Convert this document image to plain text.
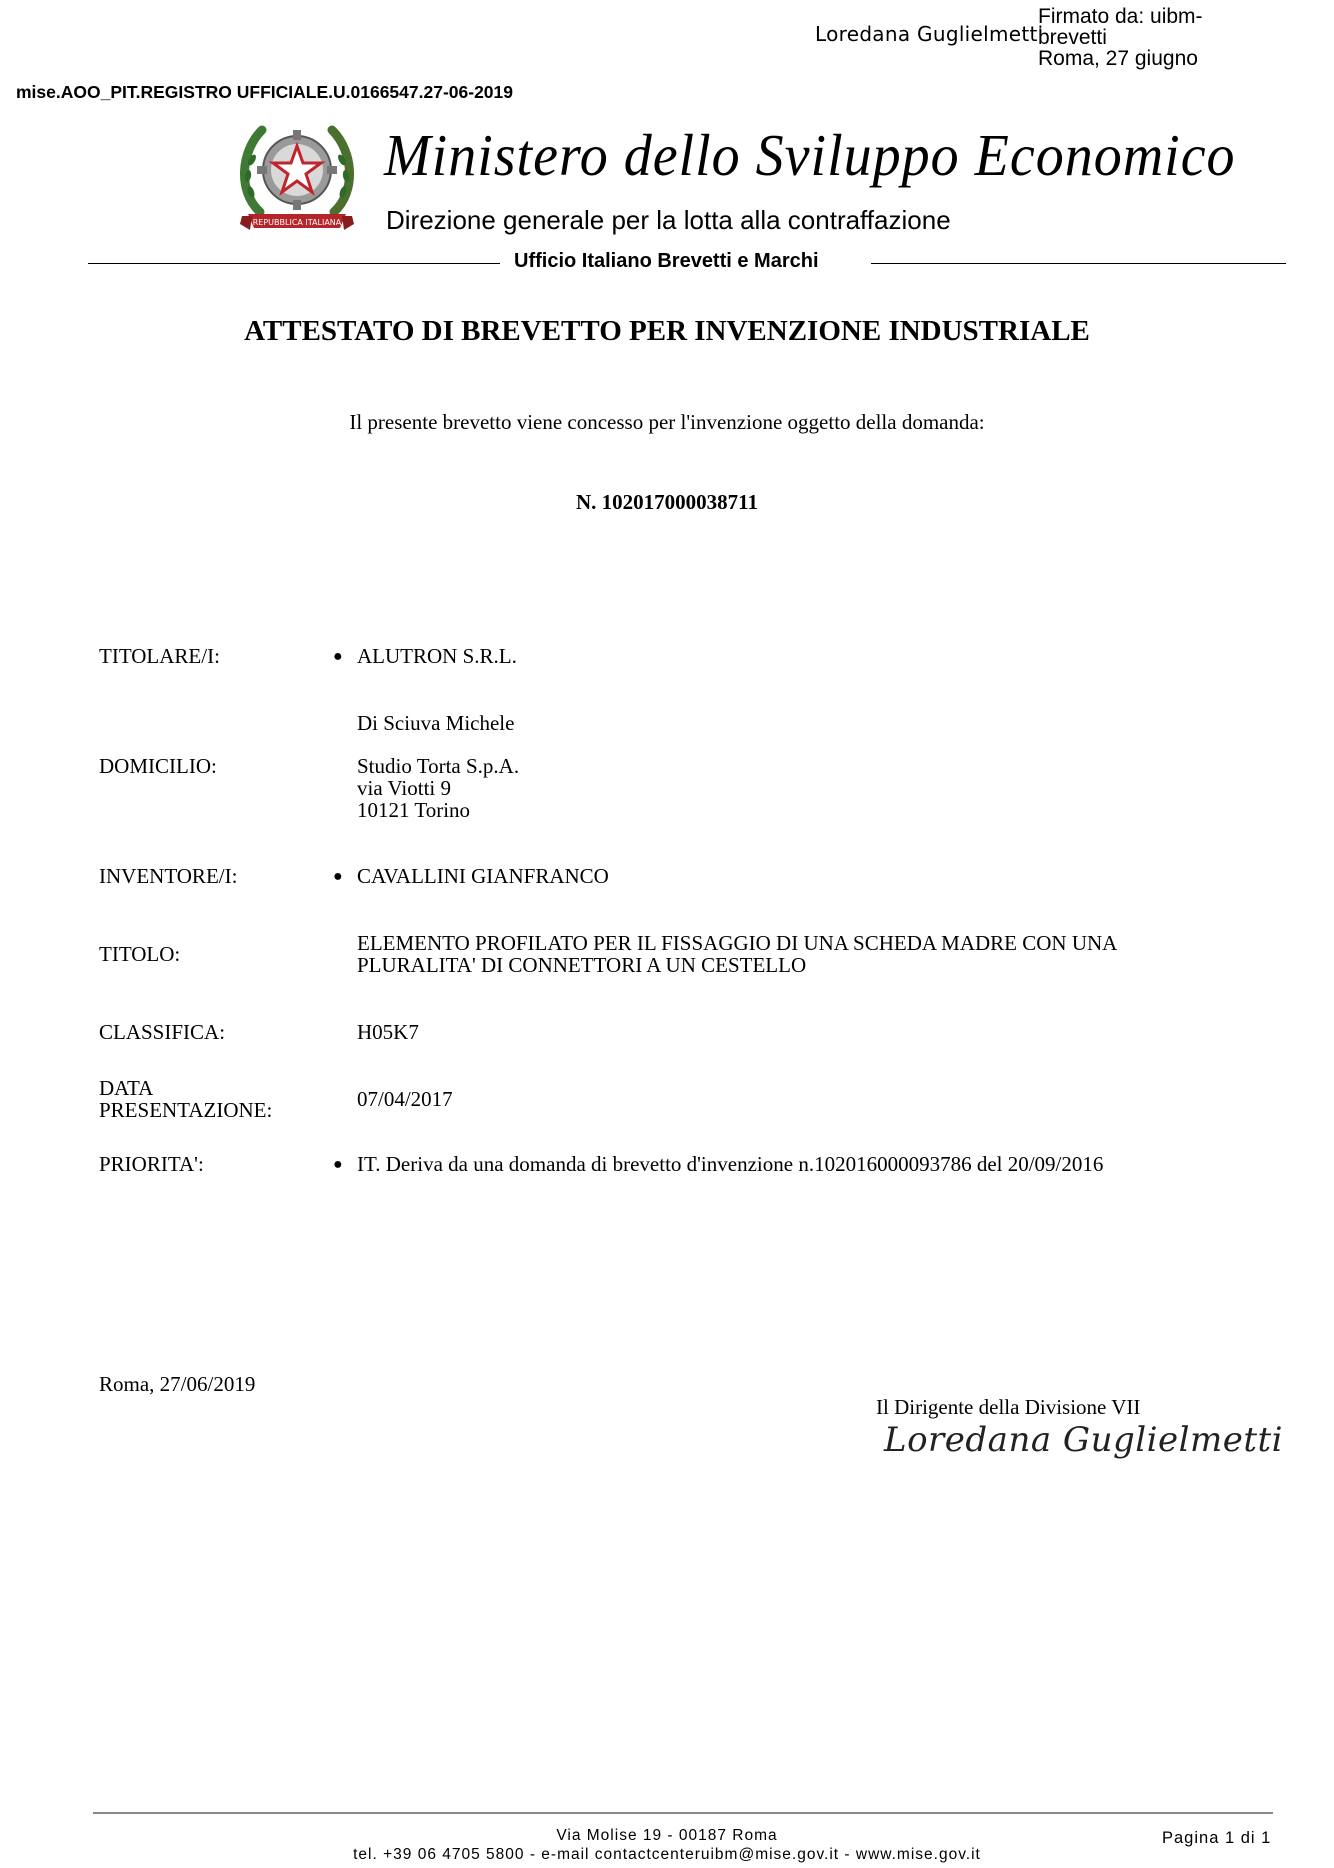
Loredana Guglielmetti
Firmato da: uibm-
brevetti
Roma, 27 giugno
mise.AOO_PIT.REGISTRO UFFICIALE.U.0166547.27-06-2019
REPUBBLICA ITALIANA
Ministero dello Sviluppo Economico
Direzione generale per la lotta alla contraffazione
Ufficio Italiano Brevetti e Marchi
ATTESTATO DI BREVETTO PER INVENZIONE INDUSTRIALE
Il presente brevetto viene concesso per l'invenzione oggetto della domanda:
N. 102017000038711
TITOLARE/I:	● ALUTRON S.R.L.
Di Sciuva Michele
DOMICILIO:	Studio Torta S.p.A.
via Viotti 9
10121 Torino
INVENTORE/I:	● CAVALLINI GIANFRANCO
TITOLO:	ELEMENTO PROFILATO PER IL FISSAGGIO DI UNA SCHEDA MADRE CON UNA
PLURALITA' DI CONNETTORI A UN CESTELLO
CLASSIFICA:	H05K7
DATA
PRESENTAZIONE:	07/04/2017
PRIORITA':	● IT. Deriva da una domanda di brevetto d'invenzione n.102016000093786 del 20/09/2016
Roma, 27/06/2019
Il Dirigente della Divisione VII
Loredana Guglielmetti
Via Molise 19 - 00187 Roma
tel. +39 06 4705 5800 - e-mail contactcenteruibm@mise.gov.it - www.mise.gov.it
Pagina 1 di 1
